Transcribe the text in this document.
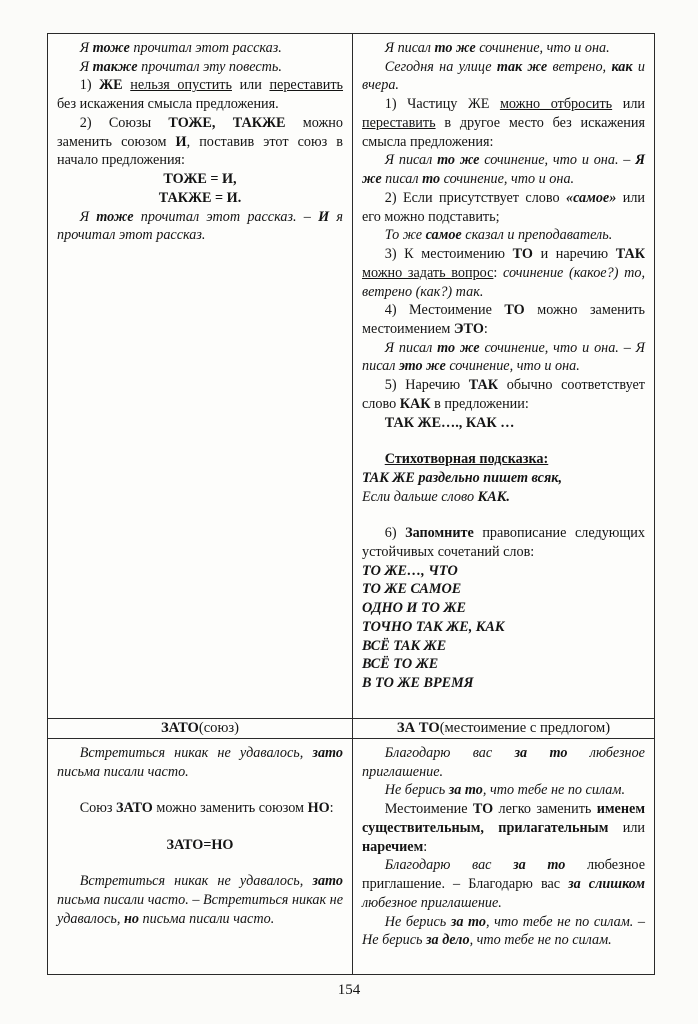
Я тоже прочитал этот рассказ.

Я также прочитал эту повесть.

1) ЖЕ нельзя опустить или переставить без искажения смысла предложения.

2) Союзы ТОЖЕ, ТАКЖЕ можно заменить союзом И, поставив этот союз в начало предложения:

ТОЖЕ = И,

ТАКЖЕ = И.

Я тоже прочитал этот рассказ. – И я прочитал этот рассказ.

Я писал то же сочинение, что и она.

Сегодня на улице так же ветрено, как и вчера.

1) Частицу ЖЕ можно отбросить или переставить в другое место без искажения смысла предложения:

Я писал то же сочинение, что и она. – Я же писал то сочинение, что и она.

2) Если присутствует слово «самое» или его можно подставить;

То же самое сказал и преподаватель.

3) К местоимению ТО и наречию ТАК можно задать вопрос: сочинение (какое?) то, ветрено (как?) так.

4) Местоимение ТО можно заменить местоимением ЭТО:

Я писал то же сочинение, что и она. – Я писал это же сочинение, что и она.

5) Наречию ТАК обычно соответствует слово КАК в предложении:

ТАК ЖЕ…., КАК …

Стихотворная подсказка:

ТАК ЖЕ раздельно пишет всяк,

Если дальше слово КАК.

6) Запомните правописание следующих устойчивых сочетаний слов:

ТО ЖЕ…, ЧТО

ТО ЖЕ САМОЕ

ОДНО И ТО ЖЕ

ТОЧНО ТАК ЖЕ, КАК

ВСЁ ТАК ЖЕ

ВСЁ ТО ЖЕ

В ТО ЖЕ ВРЕМЯ

ЗАТО (союз)	ЗА ТО (местоимение с предлогом)

Встретиться никак не удавалось, зато письма писали часто.

Союз ЗАТО можно заменить союзом НО:

ЗАТО=НО

Встретиться никак не удавалось, зато письма писали часто. – Встретиться никак не удавалось, но письма писали часто.

Благодарю вас за то любезное приглашение.

Не берись за то, что тебе не по силам.

Местоимение ТО легко заменить именем существительным, прилагательным или наречием:

Благодарю вас за то любезное приглашение. – Благодарю вас за слишком любезное приглашение.

Не берись за то, что тебе не по силам. – Не берись за дело, что тебе не по силам.

154
